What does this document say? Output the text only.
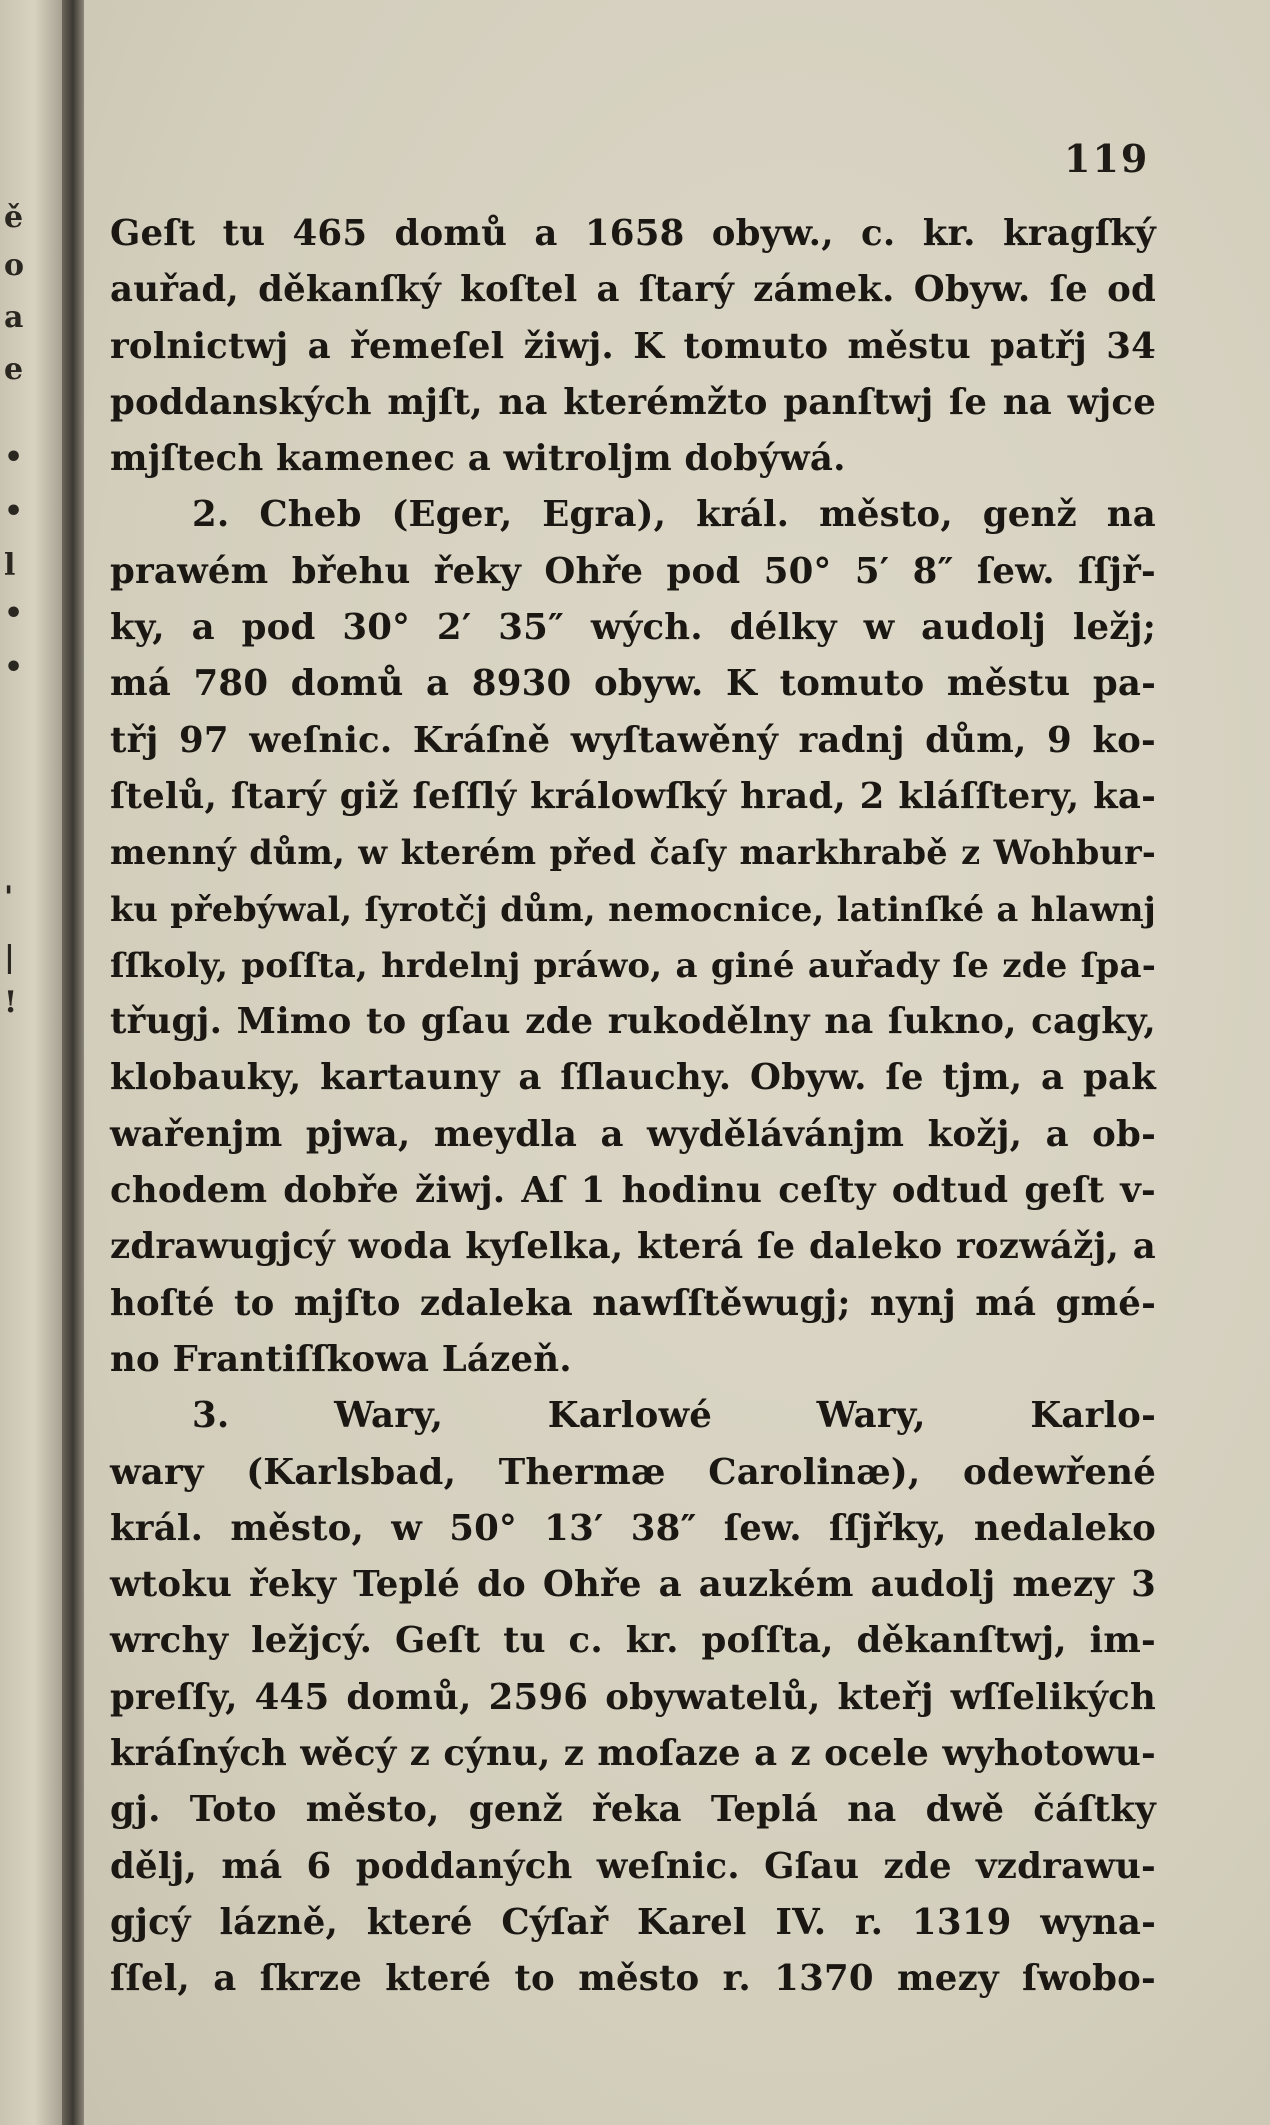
ě
o
a
e
•
•
l
•
•
'
|
!
119
Geſt tu 465 domů a 1658 obyw., c. kr. kragſký
auřad, děkanſký koſtel a ſtarý zámek. Obyw. ſe od
rolnictwj a řemeſel žiwj. K tomuto městu patřj 34
poddanských mjſt, na kterémžto panſtwj ſe na wjce
mjſtech kamenec a witroljm dobýwá.
2. Cheb (Eger, Egra), král. město, genž na
prawém břehu řeky Ohře pod 50° 5′ 8″ ſew. ſſjř-
ky, a pod 30° 2′ 35″ wých. délky w audolj ležj;
má 780 domů a 8930 obyw. K tomuto městu pa-
třj 97 weſnic. Kráſně wyſtawěný radnj dům, 9 ko-
ſtelů, ſtarý giž ſeſſlý králowſký hrad, 2 kláſſtery, ka-
menný dům, w kterém před čaſy markhrabě z Wohbur-
ku přebýwal, ſyrotčj dům, nemocnice, latinſké a hlawnj
ſſkoly, poſſta, hrdelnj práwo, a giné auřady ſe zde ſpa-
třugj. Mimo to gſau zde rukodělny na ſukno, cagky,
klobauky, kartauny a ſſlauchy. Obyw. ſe tjm, a pak
wařenjm pjwa, meydla a wydělávánjm kožj, a ob-
chodem dobře žiwj. Aſ 1 hodinu ceſty odtud geſt v-
zdrawugjcý woda kyſelka, která ſe daleko rozwážj, a
hoſté to mjſto zdaleka nawſſtěwugj; nynj má gmé-
no Frantiſſkowa Lázeň.
3. Wary, Karlowé Wary, Karlo-
wary (Karlsbad, Thermæ Carolinæ), odewřené
král. město, w 50° 13′ 38″ ſew. ſſjřky, nedaleko
wtoku řeky Teplé do Ohře a auzkém audolj mezy 3
wrchy ležjcý. Geſt tu c. kr. poſſta, děkanſtwj, im-
preſſy, 445 domů, 2596 obywatelů, kteřj wſſelikých
kráſných wěcý z cýnu, z moſaze a z ocele wyhotowu-
gj. Toto město, genž řeka Teplá na dwě čáſtky
dělj, má 6 poddaných weſnic. Gſau zde vzdrawu-
gjcý lázně, které Cýſař Karel IV. r. 1319 wyna-
ſſel, a ſkrze které to město r. 1370 mezy ſwobo-
